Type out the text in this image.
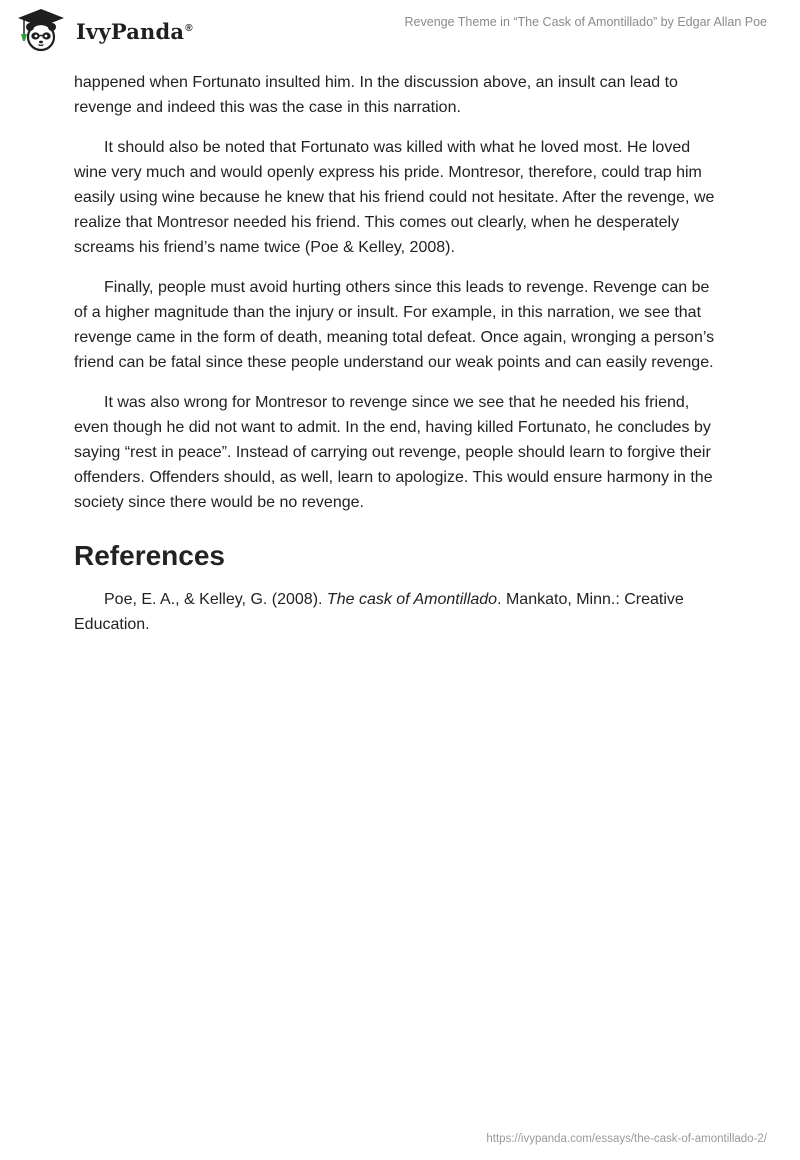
IvyPanda®	Revenge Theme in “The Cask of Amontillado” by Edgar Allan Poe

happened when Fortunato insulted him. In the discussion above, an insult can lead to revenge and indeed this was the case in this narration.

It should also be noted that Fortunato was killed with what he loved most. He loved wine very much and would openly express his pride. Montresor, therefore, could trap him easily using wine because he knew that his friend could not hesitate. After the revenge, we realize that Montresor needed his friend. This comes out clearly, when he desperately screams his friend’s name twice (Poe & Kelley, 2008).

Finally, people must avoid hurting others since this leads to revenge. Revenge can be of a higher magnitude than the injury or insult. For example, in this narration, we see that revenge came in the form of death, meaning total defeat. Once again, wronging a person’s friend can be fatal since these people understand our weak points and can easily revenge.

It was also wrong for Montresor to revenge since we see that he needed his friend, even though he did not want to admit. In the end, having killed Fortunato, he concludes by saying “rest in peace”. Instead of carrying out revenge, people should learn to forgive their offenders. Offenders should, as well, learn to apologize. This would ensure harmony in the society since there would be no revenge.

References

Poe, E. A., & Kelley, G. (2008). The cask of Amontillado. Mankato, Minn.: Creative Education.

https://ivypanda.com/essays/the-cask-of-amontillado-2/
